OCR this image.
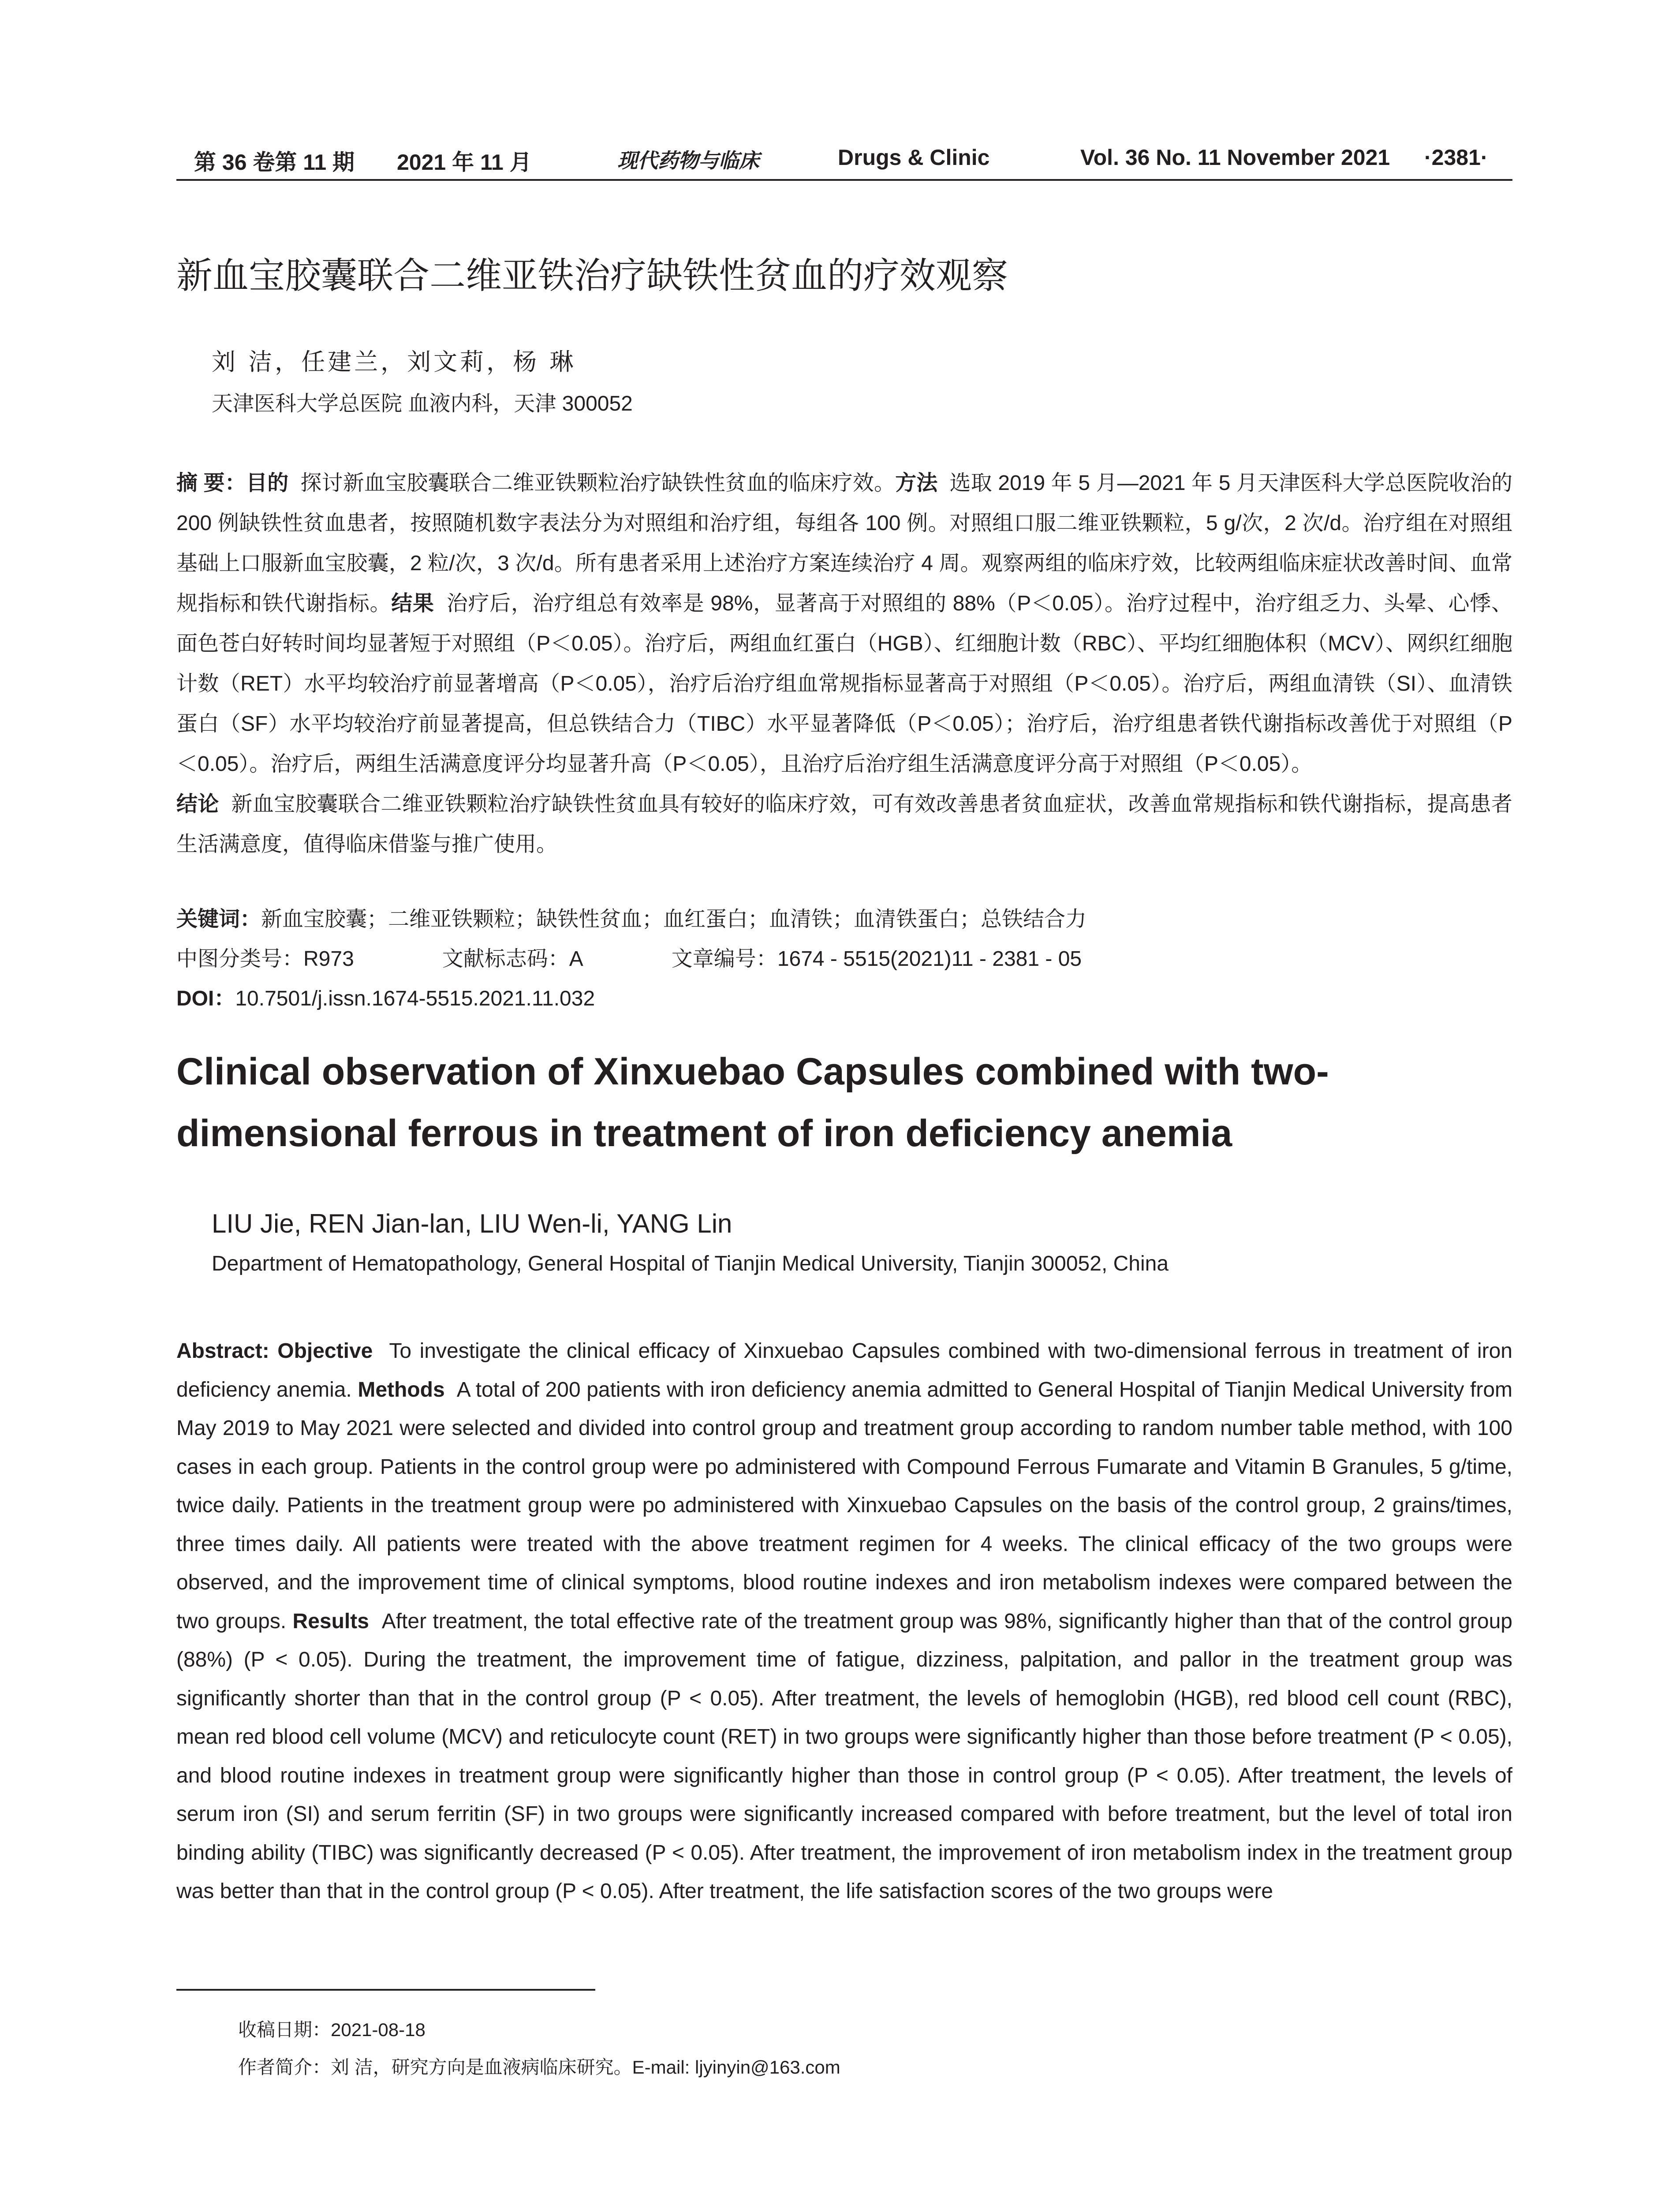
第 36 卷第 11 期 2021 年 11 月	现代药物与临床	Drugs & Clinic	Vol. 36 No. 11 November 2021 ·2381·
新血宝胶囊联合二维亚铁治疗缺铁性贫血的疗效观察
刘 洁，任建兰，刘文莉，杨 琳
天津医科大学总医院 血液内科，天津 300052
摘 要：目的 探讨新血宝胶囊联合二维亚铁颗粒治疗缺铁性贫血的临床疗效。方法 选取 2019 年 5 月—2021 年 5 月天津医科大学总医院收治的 200 例缺铁性贫血患者，按照随机数字表法分为对照组和治疗组，每组各 100 例。对照组口服二维亚铁颗粒，5 g/次，2 次/d。治疗组在对照组基础上口服新血宝胶囊，2 粒/次，3 次/d。所有患者采用上述治疗方案连续治疗 4 周。观察两组的临床疗效，比较两组临床症状改善时间、血常规指标和铁代谢指标。结果 治疗后，治疗组总有效率是 98%，显著高于对照组的 88%（P＜0.05）。治疗过程中，治疗组乏力、头晕、心悸、面色苍白好转时间均显著短于对照组（P＜0.05）。治疗后，两组血红蛋白（HGB）、红细胞计数（RBC）、平均红细胞体积（MCV）、网织红细胞计数（RET）水平均较治疗前显著增高（P＜0.05），治疗后治疗组血常规指标显著高于对照组（P＜0.05）。治疗后，两组血清铁（SI）、血清铁蛋白（SF）水平均较治疗前显著提高，但总铁结合力（TIBC）水平显著降低（P＜0.05）；治疗后，治疗组患者铁代谢指标改善优于对照组（P＜0.05）。治疗后，两组生活满意度评分均显著升高（P＜0.05），且治疗后治疗组生活满意度评分高于对照组（P＜0.05）。
结论 新血宝胶囊联合二维亚铁颗粒治疗缺铁性贫血具有较好的临床疗效，可有效改善患者贫血症状，改善血常规指标和铁代谢指标，提高患者生活满意度，值得临床借鉴与推广使用。
关键词：新血宝胶囊；二维亚铁颗粒；缺铁性贫血；血红蛋白；血清铁；血清铁蛋白；总铁结合力
中图分类号：R973	文献标志码：A	文章编号：1674 - 5515(2021)11 - 2381 - 05
DOI：10.7501/j.issn.1674-5515.2021.11.032
Clinical observation of Xinxuebao Capsules combined with two-dimensional ferrous in treatment of iron deficiency anemia
LIU Jie, REN Jian-lan, LIU Wen-li, YANG Lin
Department of Hematopathology, General Hospital of Tianjin Medical University, Tianjin 300052, China
Abstract: Objective To investigate the clinical efficacy of Xinxuebao Capsules combined with two-dimensional ferrous in treatment of iron deficiency anemia. Methods A total of 200 patients with iron deficiency anemia admitted to General Hospital of Tianjin Medical University from May 2019 to May 2021 were selected and divided into control group and treatment group according to random number table method, with 100 cases in each group. Patients in the control group were po administered with Compound Ferrous Fumarate and Vitamin B Granules, 5 g/time, twice daily. Patients in the treatment group were po administered with Xinxuebao Capsules on the basis of the control group, 2 grains/times, three times daily. All patients were treated with the above treatment regimen for 4 weeks. The clinical efficacy of the two groups were observed, and the improvement time of clinical symptoms, blood routine indexes and iron metabolism indexes were compared between the two groups. Results After treatment, the total effective rate of the treatment group was 98%, significantly higher than that of the control group (88%) (P < 0.05). During the treatment, the improvement time of fatigue, dizziness, palpitation, and pallor in the treatment group was significantly shorter than that in the control group (P < 0.05). After treatment, the levels of hemoglobin (HGB), red blood cell count (RBC), mean red blood cell volume (MCV) and reticulocyte count (RET) in two groups were significantly higher than those before treatment (P < 0.05), and blood routine indexes in treatment group were significantly higher than those in control group (P < 0.05). After treatment, the levels of serum iron (SI) and serum ferritin (SF) in two groups were significantly increased compared with before treatment, but the level of total iron binding ability (TIBC) was significantly decreased (P < 0.05). After treatment, the improvement of iron metabolism index in the treatment group was better than that in the control group (P < 0.05). After treatment, the life satisfaction scores of the two groups were
收稿日期：2021-08-18
作者简介：刘 洁，研究方向是血液病临床研究。E-mail: ljyinyin@163.com
